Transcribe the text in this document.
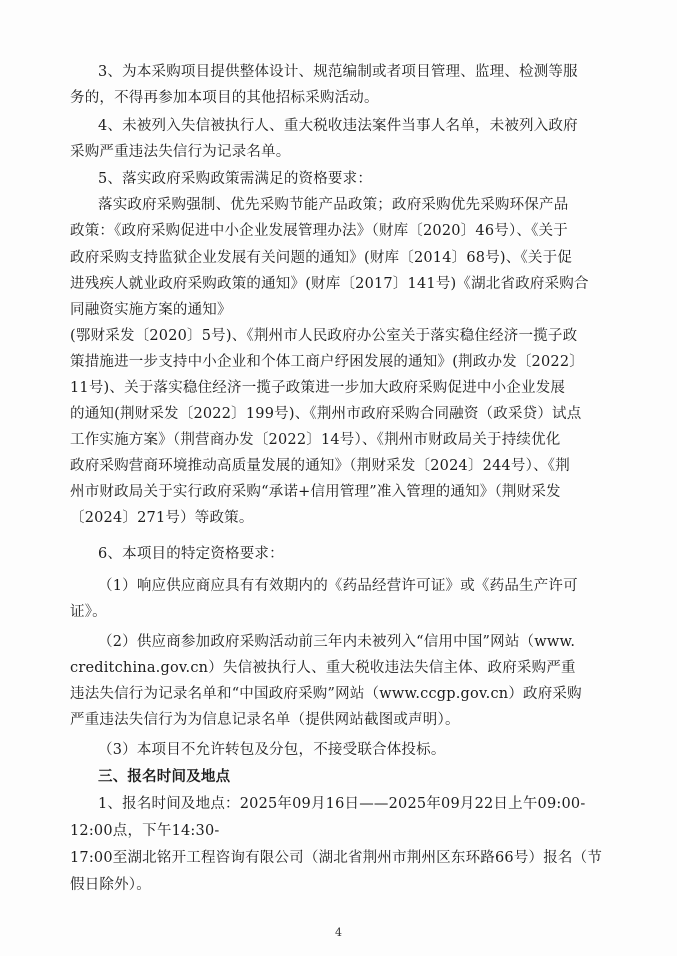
3、为本采购项目提供整体设计、规范编制或者项目管理、监理、检测等服
务的，不得再参加本项目的其他招标采购活动。
4、未被列入失信被执行人、重大税收违法案件当事人名单，未被列入政府
采购严重违法失信行为记录名单。
5、落实政府采购政策需满足的资格要求：
落实政府采购强制、优先采购节能产品政策；政府采购优先采购环保产品
政策：《政府采购促进中小企业发展管理办法》（财库〔2020〕46号）、《关于
政府采购支持监狱企业发展有关问题的通知》(财库〔2014〕68号)、《关于促
进残疾人就业政府采购政策的通知》(财库〔2017〕141号)《湖北省政府采购合
同融资实施方案的通知》
(鄂财采发〔2020〕5号)、《荆州市人民政府办公室关于落实稳住经济一揽子政
策措施进一步支持中小企业和个体工商户纾困发展的通知》(荆政办发〔2022〕
11号)、关于落实稳住经济一揽子政策进一步加大政府采购促进中小企业发展
的通知(荆财采发〔2022〕199号)、《荆州市政府采购合同融资（政采贷）试点
工作实施方案》（荆营商办发〔2022〕14号）、《荆州市财政局关于持续优化
政府采购营商环境推动高质量发展的通知》（荆财采发〔2024〕244号）、《荆
州市财政局关于实行政府采购“承诺+信用管理”准入管理的通知》（荆财采发
〔2024〕271号）等政策。
6、本项目的特定资格要求：
（1）响应供应商应具有有效期内的《药品经营许可证》或《药品生产许可
证》。
（2）供应商参加政府采购活动前三年内未被列入“信用中国”网站（www.
creditchina.gov.cn）失信被执行人、重大税收违法失信主体、政府采购严重
违法失信行为记录名单和“中国政府采购”网站（www.ccgp.gov.cn）政府采购
严重违法失信行为为信息记录名单（提供网站截图或声明）。
（3）本项目不允许转包及分包，不接受联合体投标。
三、报名时间及地点
1、报名时间及地点：2025年09月16日——2025年09月22日上午09:00-
12:00点，下午14:30-
17:00至湖北铭开工程咨询有限公司（湖北省荆州市荆州区东环路66号）报名（节
假日除外）。
4
